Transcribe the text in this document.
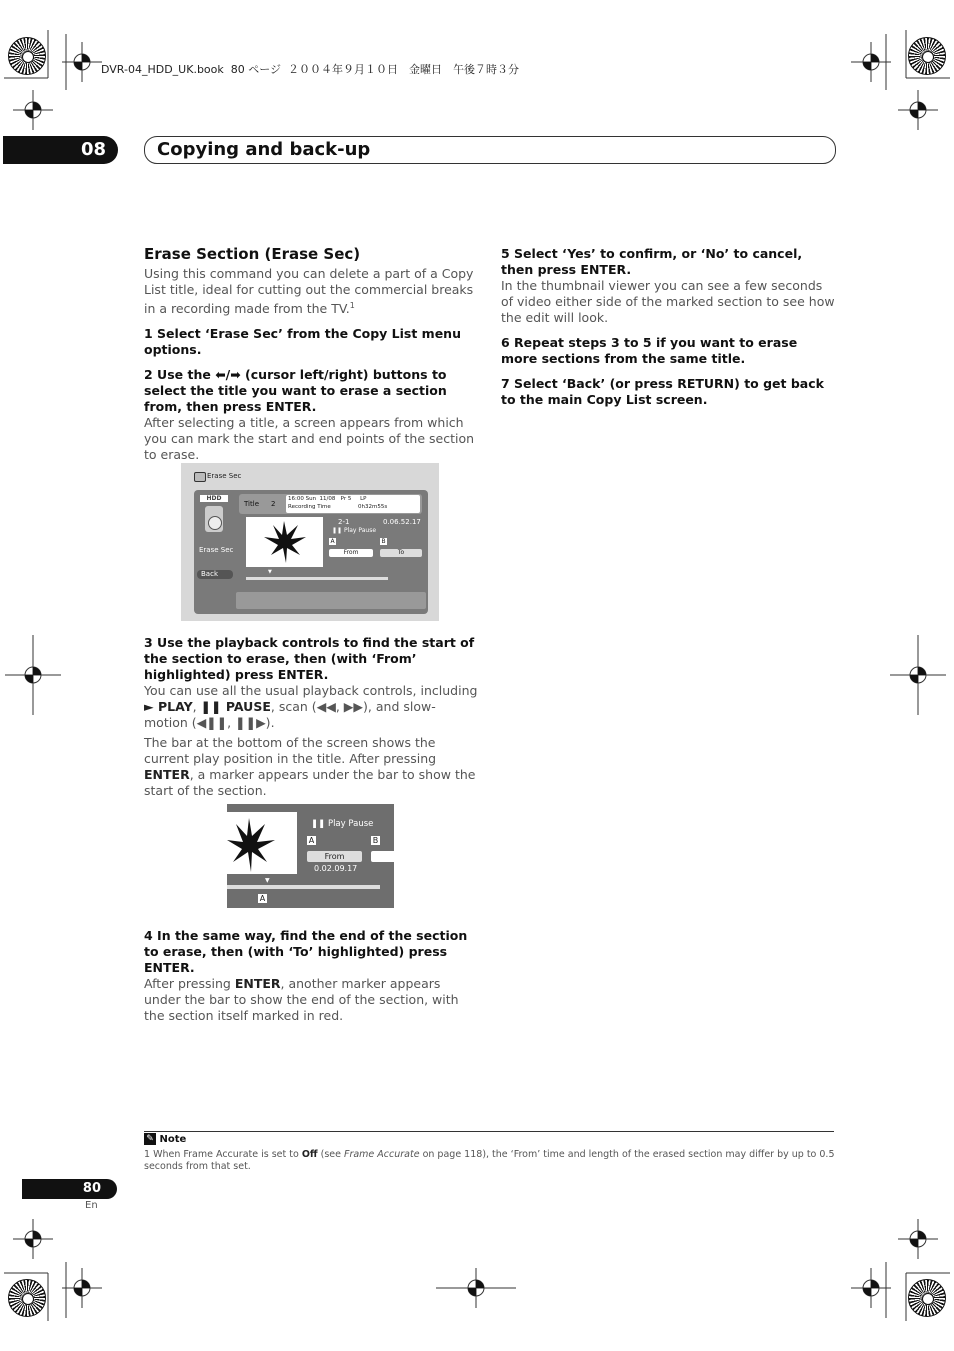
DVR-04_HDD_UK.book  80 ページ  ２００４年９月１０日　金曜日　午後７時３分
08	Copying and back-up

Erase Section (Erase Sec)

Using this command you can delete a part of a Copy List title, ideal for cutting out the commercial breaks in a recording made from the TV.$^1$

1 Select ‘Erase Sec’ from the Copy List menu options.

2 Use the ⬅/➡ (cursor left/right) buttons to select the title you want to erase a section from, then press ENTER.

After selecting a title, a screen appears from which you can mark the start and end points of the section to erase.

Erase Sec
HDD
Erase Sec
Back
Title 2
16:00 Sun  11/08   Pr 5     LP
Recording Time	0h32m55s
2-1	0.06.52.17
❚❚ Play Pause
A	B
From	To
▼

3 Use the playback controls to find the start of the section to erase, then (with ‘From’ highlighted) press ENTER.

You can use all the usual playback controls, including ► PLAY, ❚❚ PAUSE, scan (◀◀, ▶▶), and slow-motion (◀❚❚, ❚❚▶).

The bar at the bottom of the screen shows the current play position in the title. After pressing ENTER, a marker appears under the bar to show the start of the section.

❚❚ Play Pause
A	B
From
0.02.09.17
▼
A

4 In the same way, find the end of the section to erase, then (with ‘To’ highlighted) press ENTER.

After pressing ENTER, another marker appears under the bar to show the end of the section, with the section itself marked in red.

5 Select ‘Yes’ to confirm, or ‘No’ to cancel, then press ENTER.

In the thumbnail viewer you can see a few seconds of video either side of the marked section to see how the edit will look.

6 Repeat steps 3 to 5 if you want to erase more sections from the same title.

7 Select ‘Back’ (or press RETURN) to get back to the main Copy List screen.

✎ Note
1 When Frame Accurate is set to Off (see Frame Accurate on page 118), the ‘From’ time and length of the erased section may differ by up to 0.5 seconds from that set.
80
En
